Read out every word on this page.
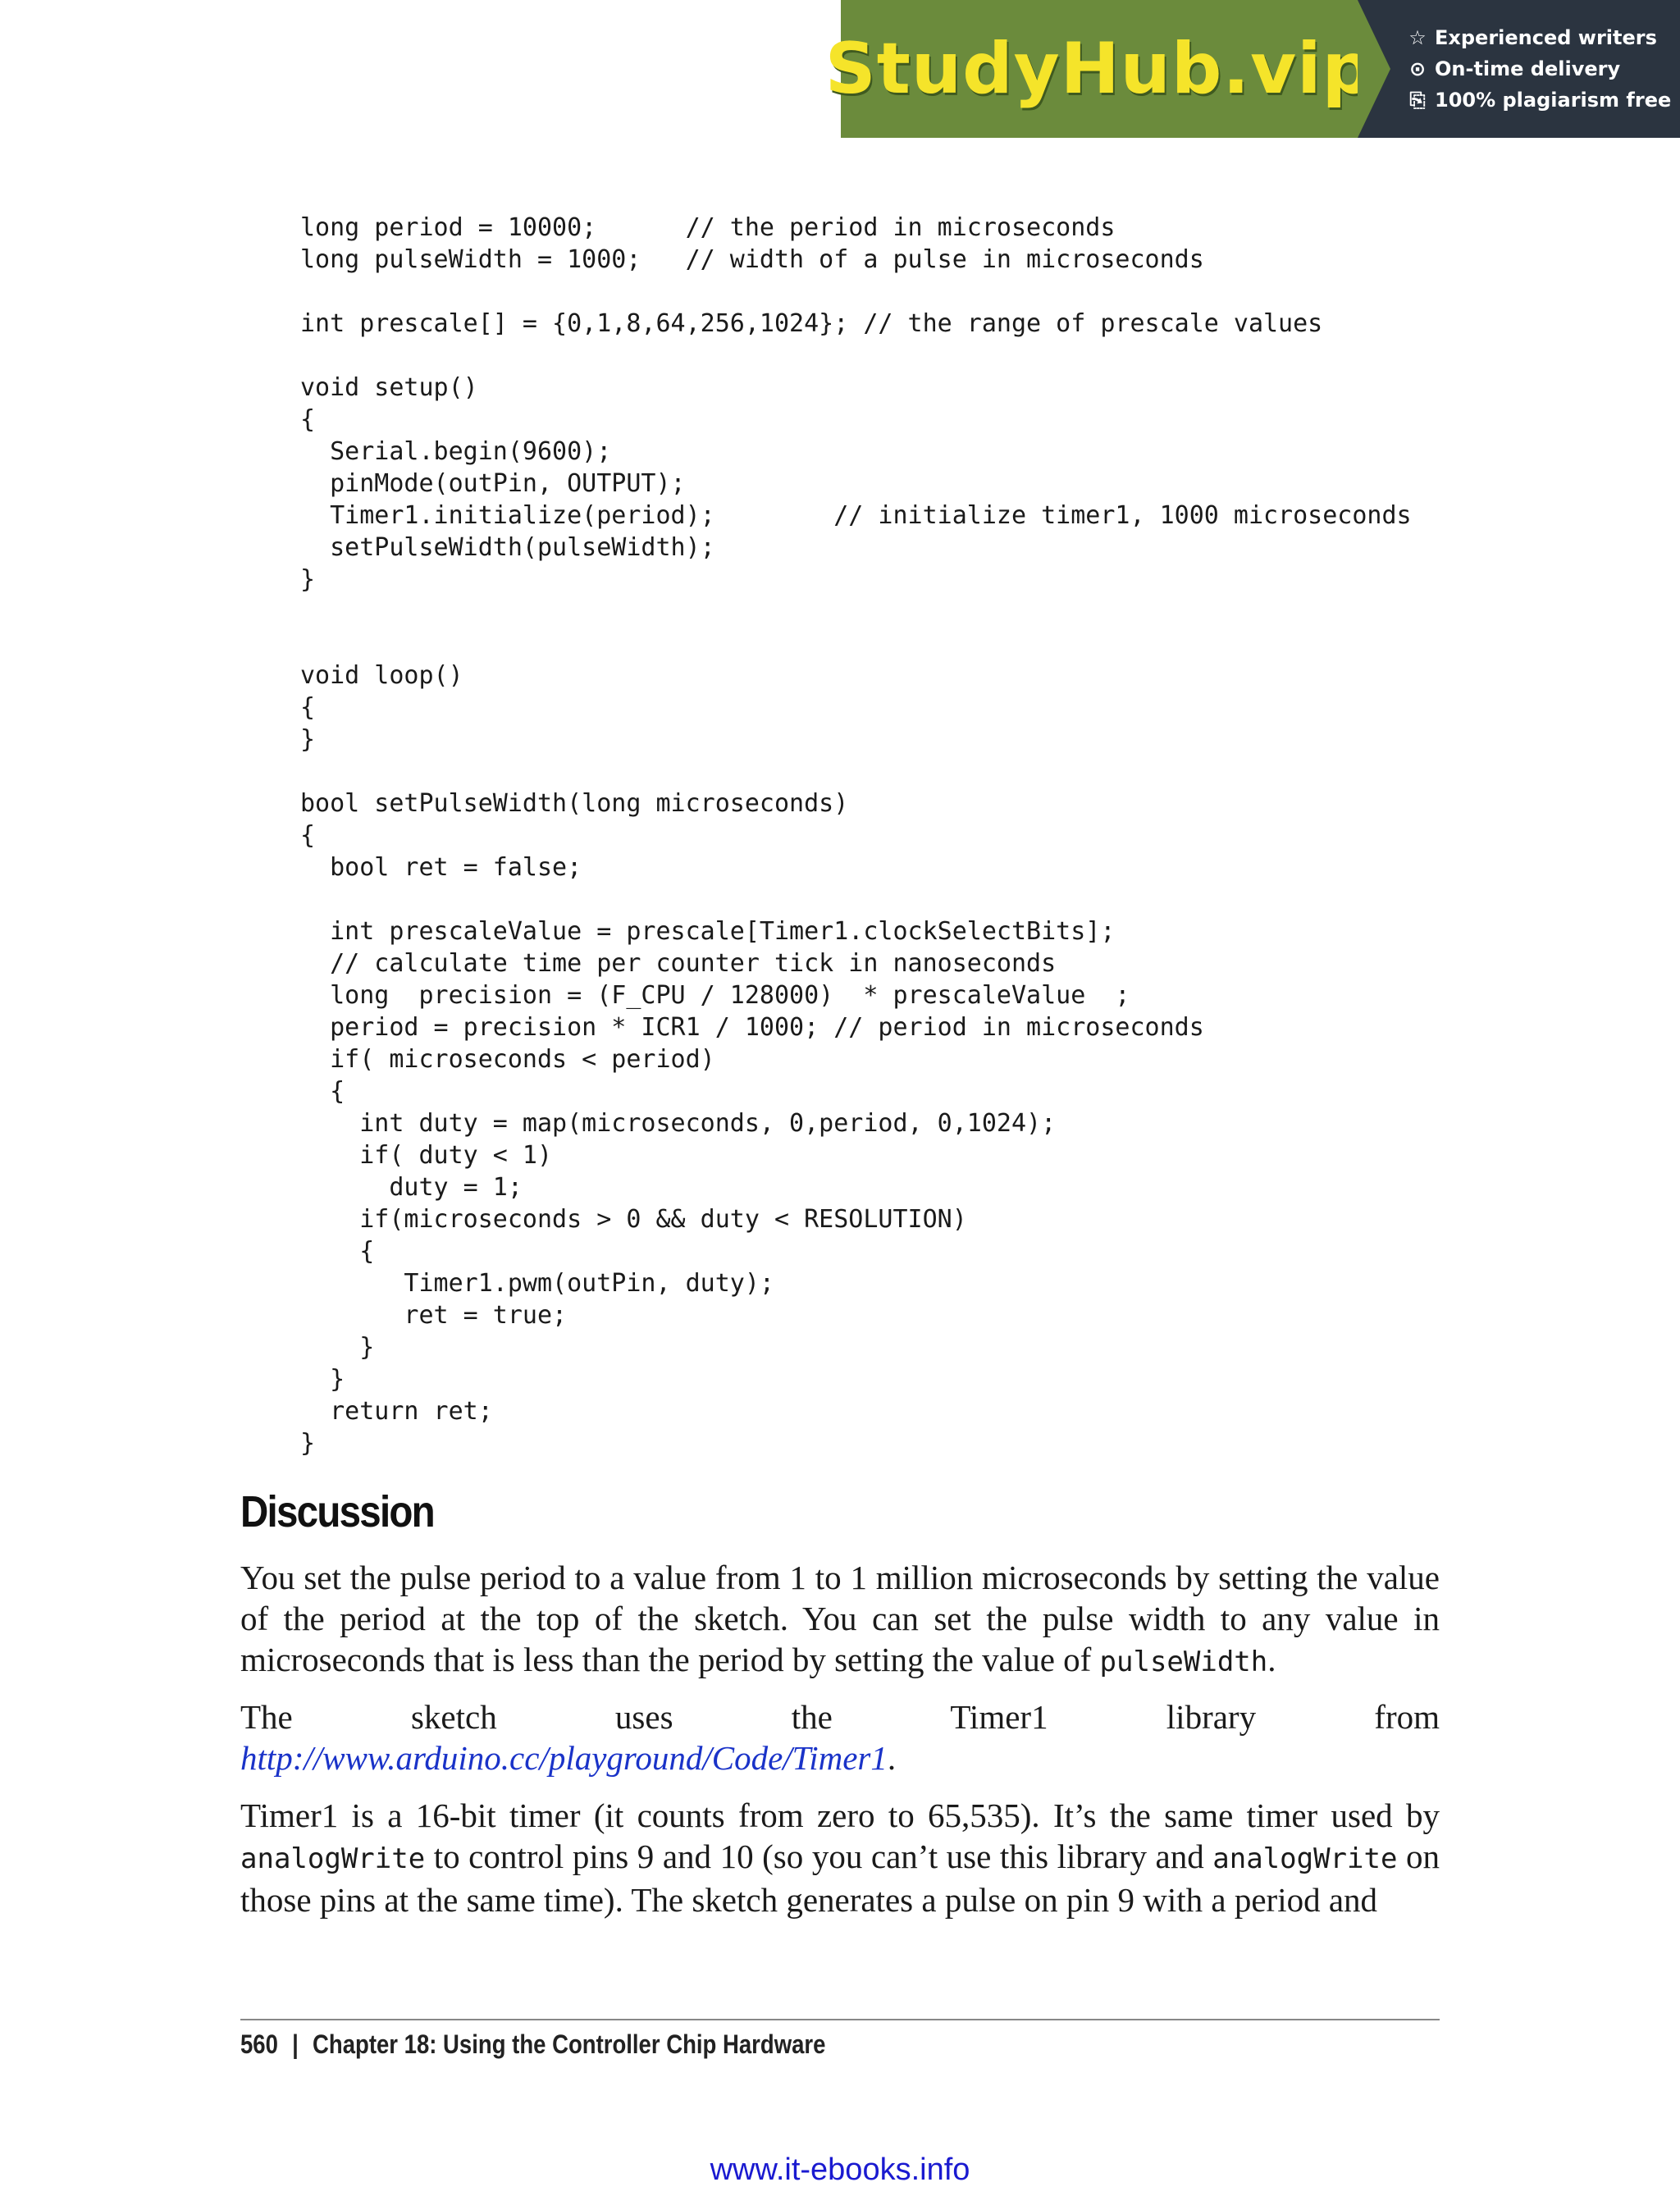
StudyHub.vip ☆ Experienced writers
⊙ On-time delivery
⎘ 100% plagiarism free
long period = 10000;      // the period in microseconds
long pulseWidth = 1000;   // width of a pulse in microseconds
int prescale[] = {0,1,8,64,256,1024}; // the range of prescale values
void setup()
{
Serial.begin(9600);
pinMode(outPin, OUTPUT);
Timer1.initialize(period);        // initialize timer1, 1000 microseconds
setPulseWidth(pulseWidth);
}
void loop()
{
}
bool setPulseWidth(long microseconds)
{
bool ret = false;
int prescaleValue = prescale[Timer1.clockSelectBits];
// calculate time per counter tick in nanoseconds
long  precision = (F_CPU / 128000)  * prescaleValue  ;
period = precision * ICR1 / 1000; // period in microseconds
if( microseconds < period)
{
int duty = map(microseconds, 0,period, 0,1024);
if( duty < 1)
duty = 1;
if(microseconds > 0 && duty < RESOLUTION)
{
Timer1.pwm(outPin, duty);
ret = true;
}
}
return ret;
}
Discussion

You set the pulse period to a value from 1 to 1 million microseconds by setting the value of the period at the top of the sketch. You can set the pulse width to any value in microseconds that is less than the period by setting the value of pulseWidth.

The sketch uses the Timer1 library from http://www.arduino.cc/playground/Code/Timer1.

Timer1 is a 16-bit timer (it counts from zero to 65,535). It’s the same timer used by analogWrite to control pins 9 and 10 (so you can’t use this library and analogWrite on those pins at the same time). The sketch generates a pulse on pin 9 with a period and

560 | Chapter 18: Using the Controller Chip Hardware
www.it-ebooks.info
